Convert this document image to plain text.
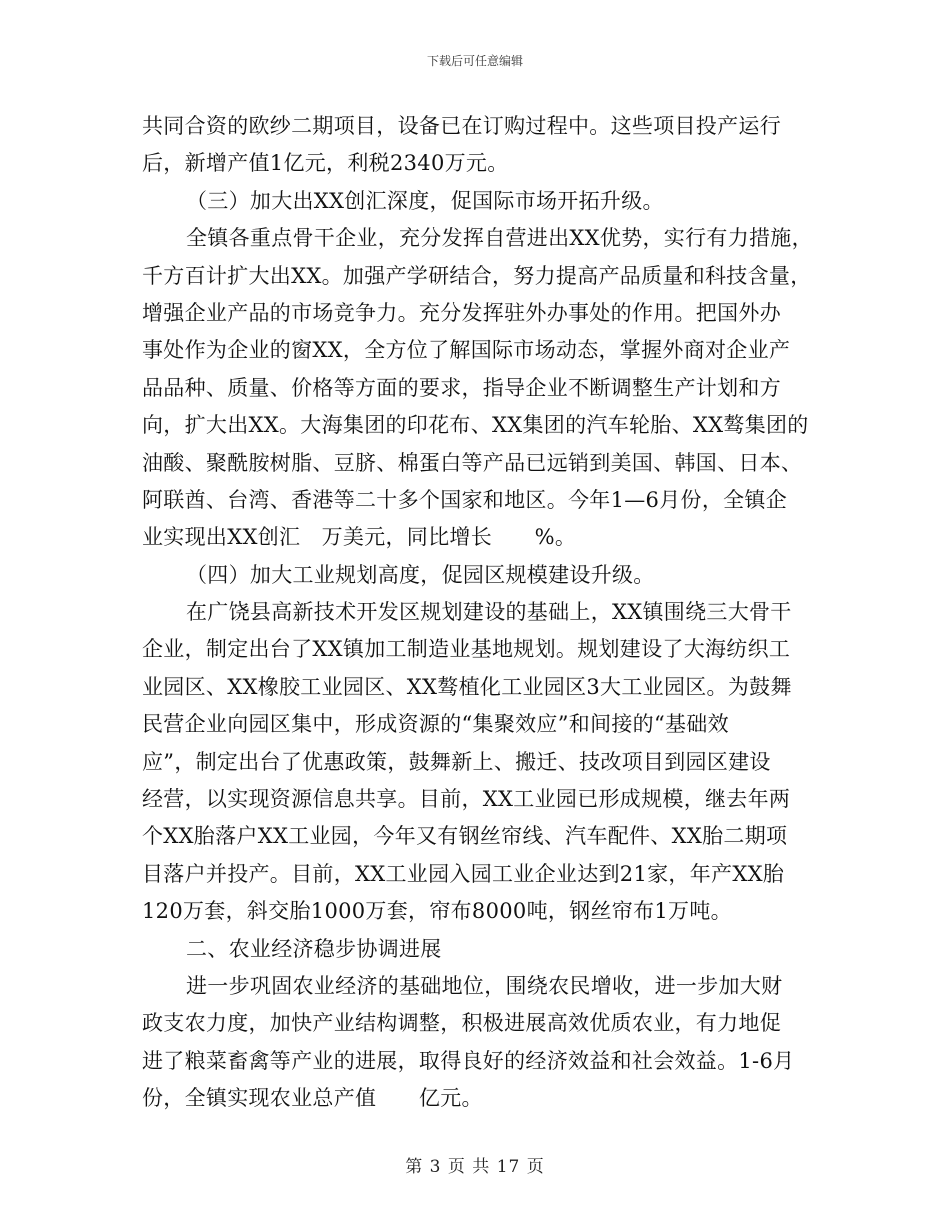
下载后可任意编辑
共同合资的欧纱二期项目，设备已在订购过程中。这些项目投产运行
后，新增产值1亿元，利税2340万元。
（三）加大出XX创汇深度，促国际市场开拓升级。
全镇各重点骨干企业，充分发挥自营进出XX优势，实行有力措施，
千方百计扩大出XX。加强产学研结合，努力提高产品质量和科技含量，
增强企业产品的市场竞争力。充分发挥驻外办事处的作用。把国外办
事处作为企业的窗XX，全方位了解国际市场动态，掌握外商对企业产
品品种、质量、价格等方面的要求，指导企业不断调整生产计划和方
向，扩大出XX。大海集团的印花布、XX集团的汽车轮胎、XX骜集团的
油酸、聚酰胺树脂、豆脐、棉蛋白等产品已远销到美国、韩国、日本、
阿联酋、台湾、香港等二十多个国家和地区。今年1—6月份，全镇企
业实现出XX创汇　万美元，同比增长　　%。
（四）加大工业规划高度，促园区规模建设升级。
在广饶县高新技术开发区规划建设的基础上，XX镇围绕三大骨干
企业，制定出台了XX镇加工制造业基地规划。规划建设了大海纺织工
业园区、XX橡胶工业园区、XX骜植化工业园区3大工业园区。为鼓舞
民营企业向园区集中，形成资源的“集聚效应”和间接的“基础效
应”，制定出台了优惠政策，鼓舞新上、搬迁、技改项目到园区建设
经营，以实现资源信息共享。目前，XX工业园已形成规模，继去年两
个XX胎落户XX工业园，今年又有钢丝帘线、汽车配件、XX胎二期项
目落户并投产。目前，XX工业园入园工业企业达到21家，年产XX胎
120万套，斜交胎1000万套，帘布8000吨，钢丝帘布1万吨。
二、农业经济稳步协调进展
进一步巩固农业经济的基础地位，围绕农民增收，进一步加大财
政支农力度，加快产业结构调整，积极进展高效优质农业，有力地促
进了粮菜畜禽等产业的进展，取得良好的经济效益和社会效益。1-6月
份，全镇实现农业总产值　　亿元。
第 3 页 共 17 页
